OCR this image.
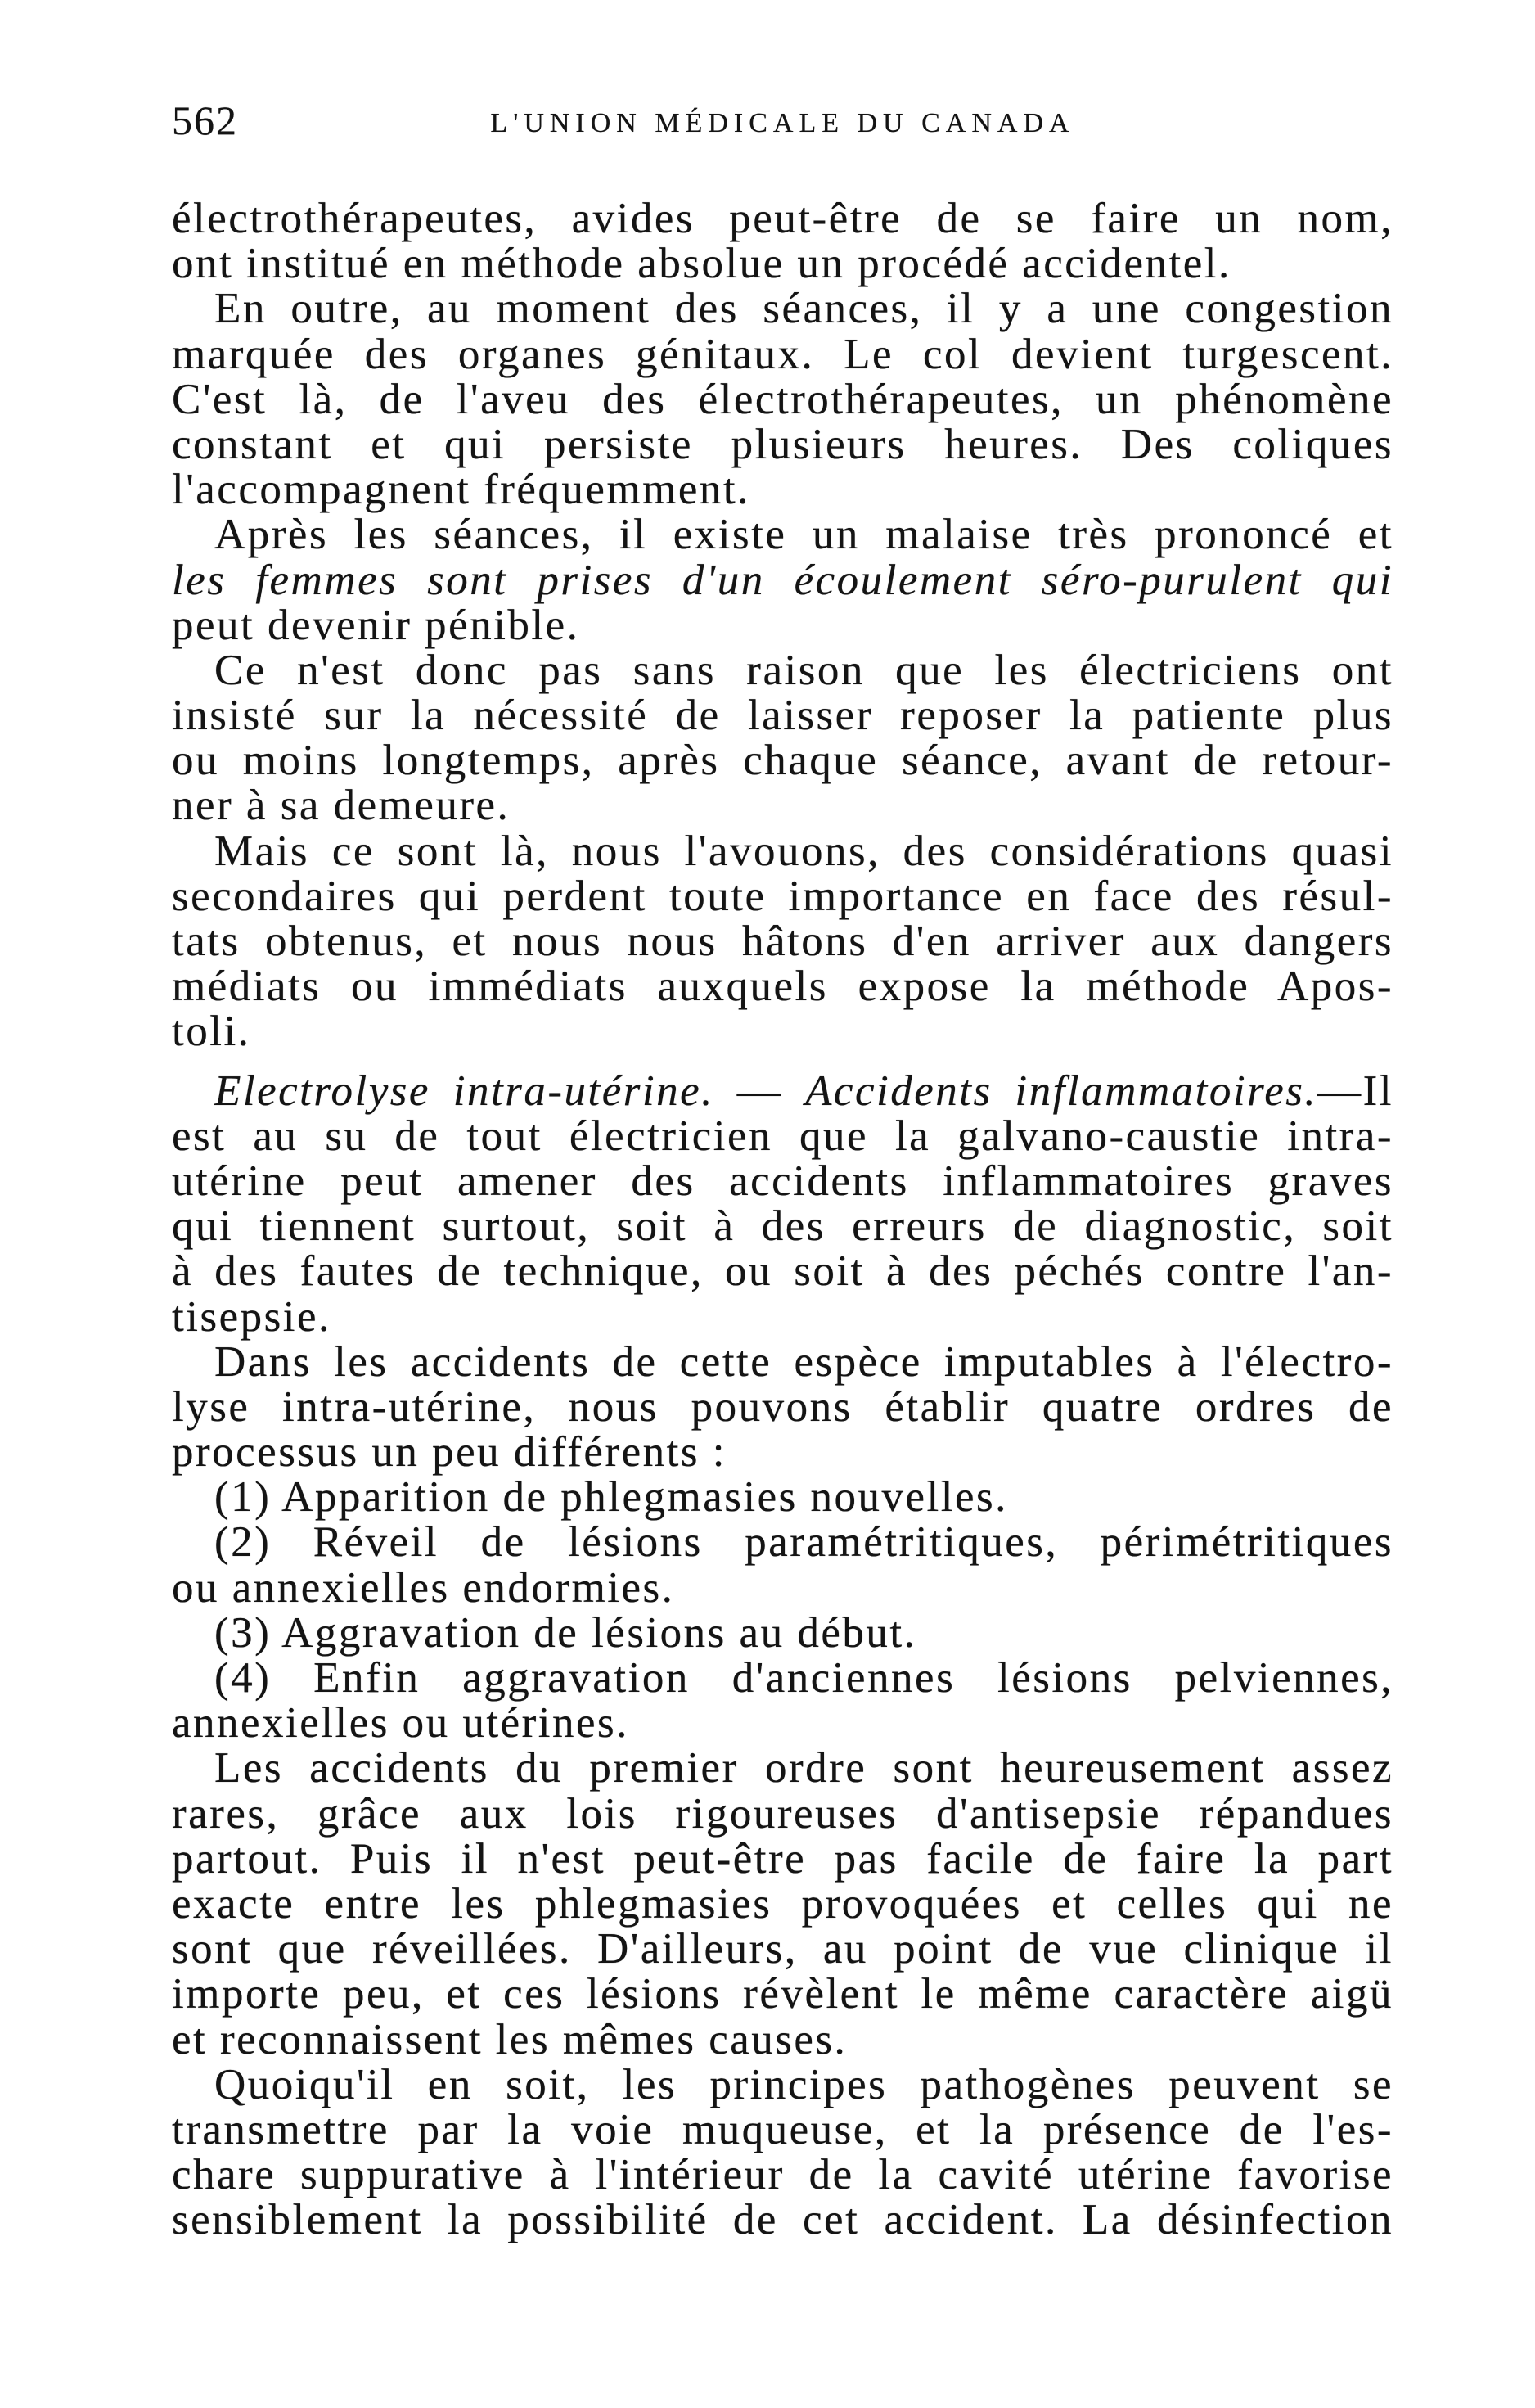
562	L'UNION MÉDICALE DU CANADA
électrothérapeutes, avides peut-être de se faire un nom,
ont institué en méthode absolue un procédé accidentel.
En outre, au moment des séances, il y a une congestion
marquée des organes génitaux. Le col devient turgescent.
C'est là, de l'aveu des électrothérapeutes, un phénomène
constant et qui persiste plusieurs heures. Des coliques
l'accompagnent fréquemment.
Après les séances, il existe un malaise très prononcé et
les femmes sont prises d'un écoulement séro-purulent qui
peut devenir pénible.
Ce n'est donc pas sans raison que les électriciens ont
insisté sur la nécessité de laisser reposer la patiente plus
ou moins longtemps, après chaque séance, avant de retour-
ner à sa demeure.
Mais ce sont là, nous l'avouons, des considérations quasi
secondaires qui perdent toute importance en face des résul-
tats obtenus, et nous nous hâtons d'en arriver aux dangers
médiats ou immédiats auxquels expose la méthode Apos-
toli.
Electrolyse intra-utérine. — Accidents inflammatoires.—Il
est au su de tout électricien que la galvano-caustie intra-
utérine peut amener des accidents inflammatoires graves
qui tiennent surtout, soit à des erreurs de diagnostic, soit
à des fautes de technique, ou soit à des péchés contre l'an-
tisepsie.
Dans les accidents de cette espèce imputables à l'électro-
lyse intra-utérine, nous pouvons établir quatre ordres de
processus un peu différents :
(1) Apparition de phlegmasies nouvelles.
(2) Réveil de lésions paramétritiques, périmétritiques
ou annexielles endormies.
(3) Aggravation de lésions au début.
(4) Enfin aggravation d'anciennes lésions pelviennes,
annexielles ou utérines.
Les accidents du premier ordre sont heureusement assez
rares, grâce aux lois rigoureuses d'antisepsie répandues
partout. Puis il n'est peut-être pas facile de faire la part
exacte entre les phlegmasies provoquées et celles qui ne
sont que réveillées. D'ailleurs, au point de vue clinique il
importe peu, et ces lésions révèlent le même caractère aigü
et reconnaissent les mêmes causes.
Quoiqu'il en soit, les principes pathogènes peuvent se
transmettre par la voie muqueuse, et la présence de l'es-
chare suppurative à l'intérieur de la cavité utérine favorise
sensiblement la possibilité de cet accident. La désinfection
